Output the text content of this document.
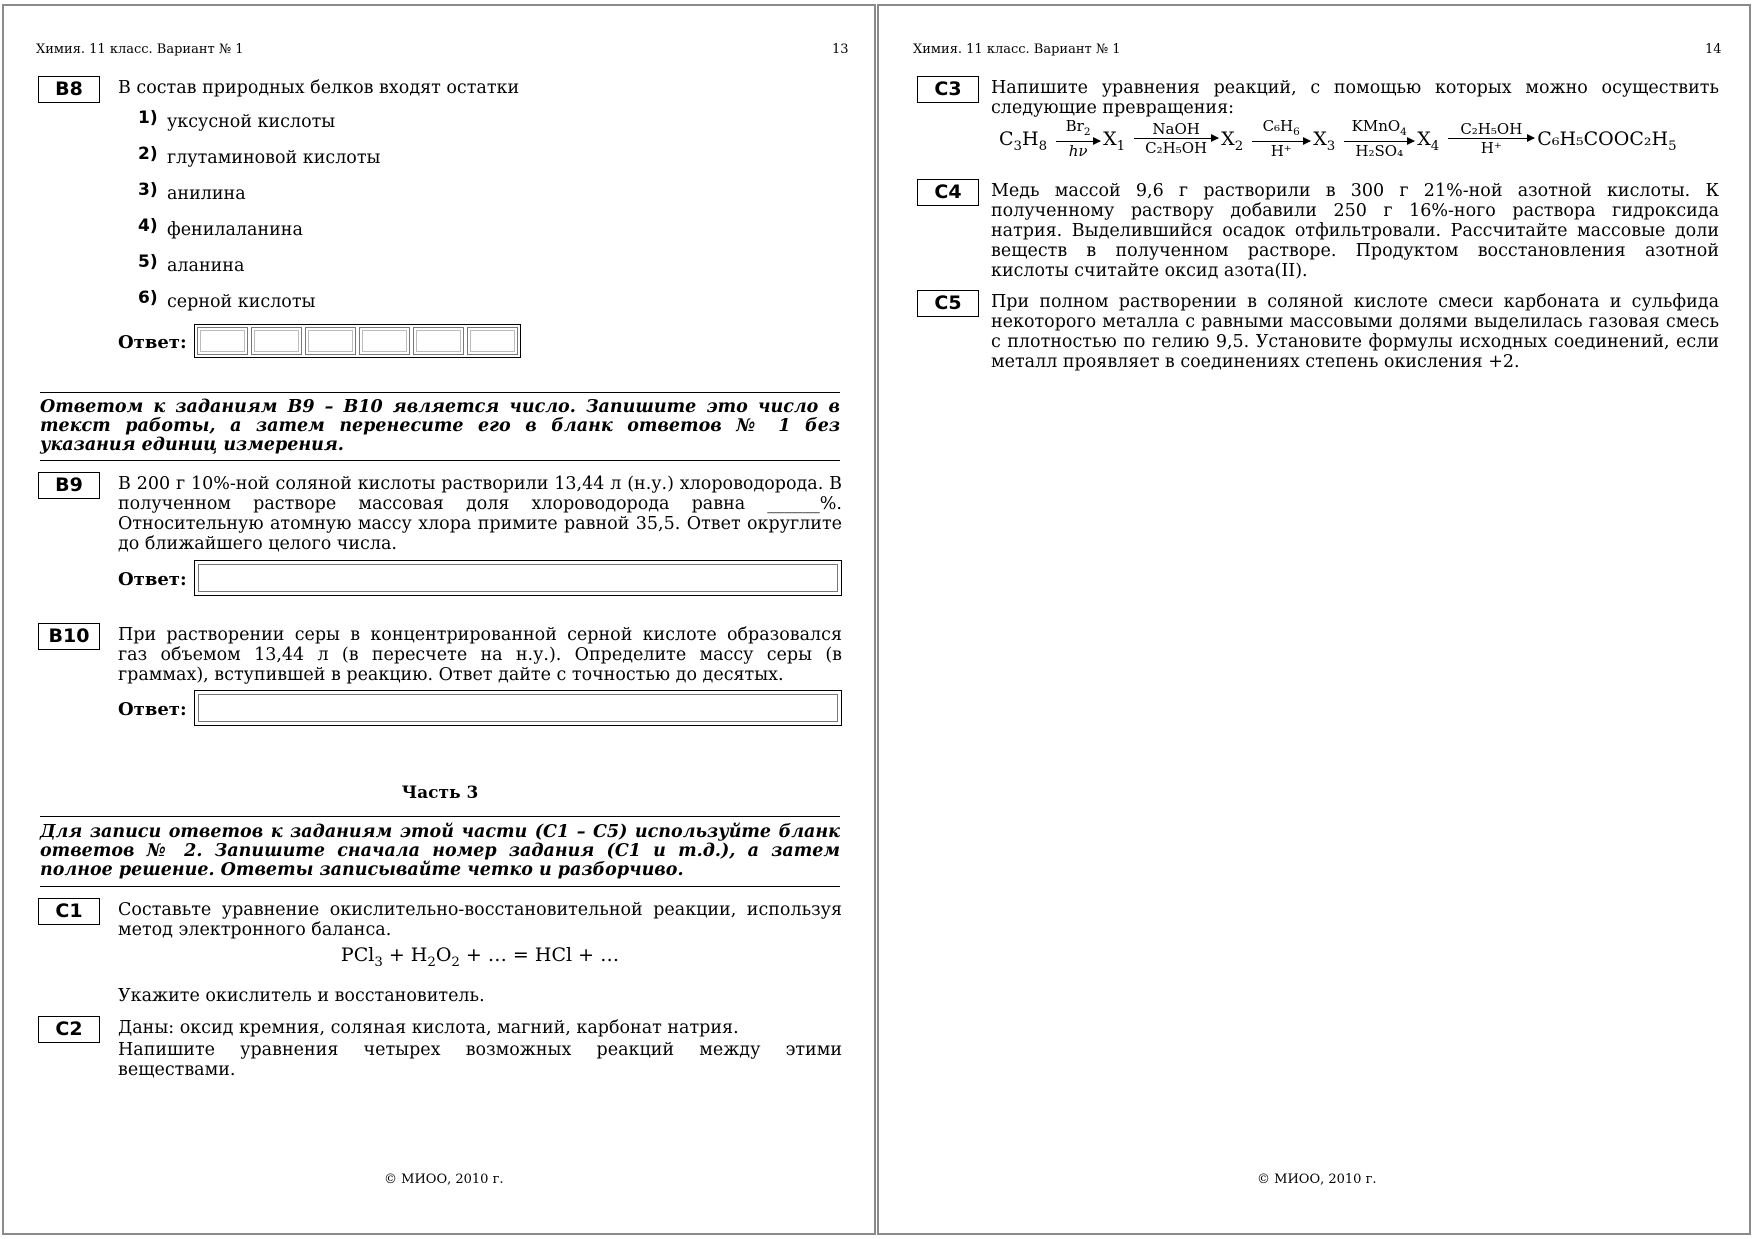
Химия. 11 класс. Вариант № 1	13
B8	В состав природных белков входят остатки
1) уксусной кислоты
2) глутаминовой кислоты
3) анилина
4) фенилаланина
5) аланина
6) серной кислоты
Ответ:
Ответом к заданиям B9 – B10 является число. Запишите это число в текст работы, а затем перенесите его в бланк ответов № 1 без указания единиц измерения.
B9	В 200 г 10%-ной соляной кислоты растворили 13,44 л (н.у.) хлороводорода. В полученном растворе массовая доля хлороводорода равна ______%. Относительную атомную массу хлора примите равной 35,5. Ответ округлите до ближайшего целого числа.
Ответ:
B10	При растворении серы в концентрированной серной кислоте образовался газ объемом 13,44 л (в пересчете на н.у.). Определите массу серы (в граммах), вступившей в реакцию. Ответ дайте с точностью до десятых.
Ответ:
Часть 3
Для записи ответов к заданиям этой части (С1 – С5) используйте бланк ответов № 2. Запишите сначала номер задания (С1 и т.д.), а затем полное решение. Ответы записывайте четко и разборчиво.
C1	Составьте уравнение окислительно-восстановительной реакции, используя метод электронного баланса.
$PCl_3 + H_2O_2$ + … = HCl + …
Укажите окислитель и восстановитель.
C2	Даны: оксид кремния, соляная кислота, магний, карбонат натрия.
Напишите уравнения четырех возможных реакций между этими веществами.
© МИОО, 2010 г.
Химия. 11 класс. Вариант № 1	14
C3	Напишите уравнения реакций, с помощью которых можно осуществить следующие превращения:
$C_3H_8 \frac{Br_2}{h\nu} X_1$
NaOH
C₂H₅OH $X_2 \frac{C_6H_6}{H^+} X_3$
KMnO$_4$
H₂SO₄
$X_4 \frac{\text{C₂H₅OH}}{H^+}$ $C_6H_5COOC_2H_5$
C4	Медь массой 9,6 г растворили в 300 г 21%-ной азотной кислоты. К полученному раствору добавили 250 г 16%-ного раствора гидроксида натрия. Выделившийся осадок отфильтровали. Рассчитайте массовые доли веществ в полученном растворе. Продуктом восстановления азотной кислоты считайте оксид азота(II).
C5	При полном растворении в соляной кислоте смеси карбоната и сульфида некоторого металла с равными массовыми долями выделилась газовая смесь с плотностью по гелию 9,5. Установите формулы исходных соединений, если металл проявляет в соединениях степень окисления +2.
© МИОО, 2010 г.
